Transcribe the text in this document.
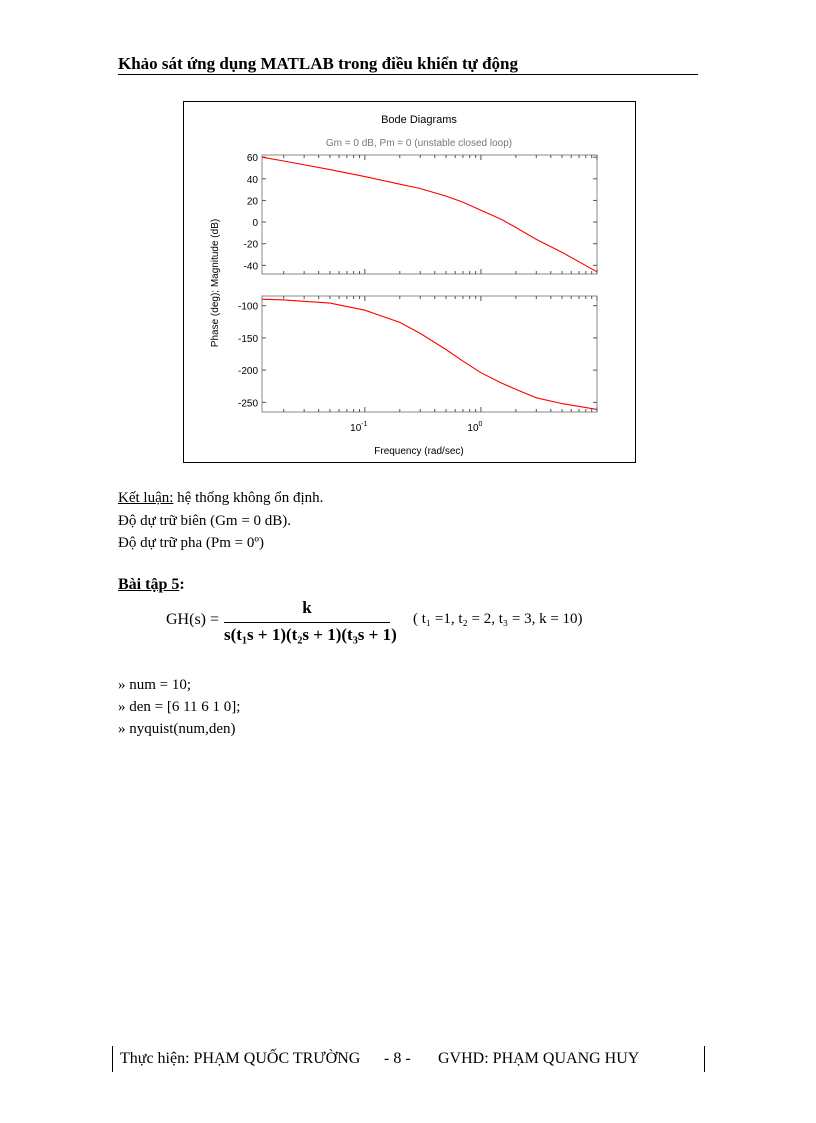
Khảo sát ứng dụng MATLAB trong điều khiển tự động
Bode Diagrams
Gm = 0 dB, Pm = 0 (unstable closed loop)
60
40
20
0
-20
-40
-100
-150
-200
-250
$10^{-1}$	$10^0$
Frequency (rad/sec)
Phase (deg); Magnitude (dB)
Kết luận: hệ thống không ổn định.
Độ dự trữ biên (Gm = 0 dB).
Độ dự trữ pha (Pm = 0º)
Bài tập 5:
GH(s) =
k
s(t₁s + 1)(t₂s + 1)(t₃s + 1)
( t₁ =1, t₂ = 2, t₃ = 3, k = 10)
» num = 10;
» den = [6 11 6 1 0];
» nyquist(num,den)
Thực hiện: PHẠM QUỐC TRƯỜNG - 8 - GVHD: PHẠM QUANG HUY
